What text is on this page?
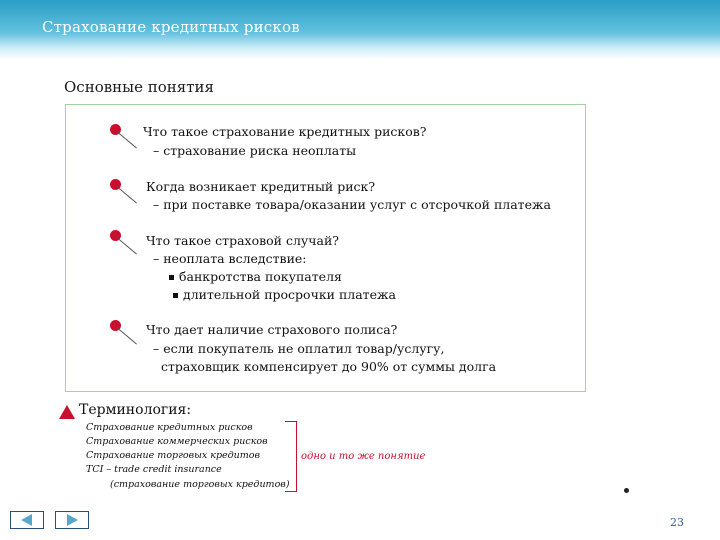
Страхование кредитных рисков
Основные понятия
Что такое страхование кредитных рисков?
– страхование риска неоплаты
Когда возникает кредитный риск?
– при поставке товара/оказании услуг с отсрочкой платежа
Что такое страховой случай?
– неоплата вследствие:
банкротства покупателя
длительной просрочки платежа
Что дает наличие страхового полиса?
– если покупатель не оплатил товар/услугу,
страховщик компенсирует до 90% от суммы долга
Терминология:
Страхование кредитных рисков
Страхование коммерческих рисков
Страхование торговых кредитов
TCI – trade credit insurance
(страхование торговых кредитов)
одно и то же понятие
23
